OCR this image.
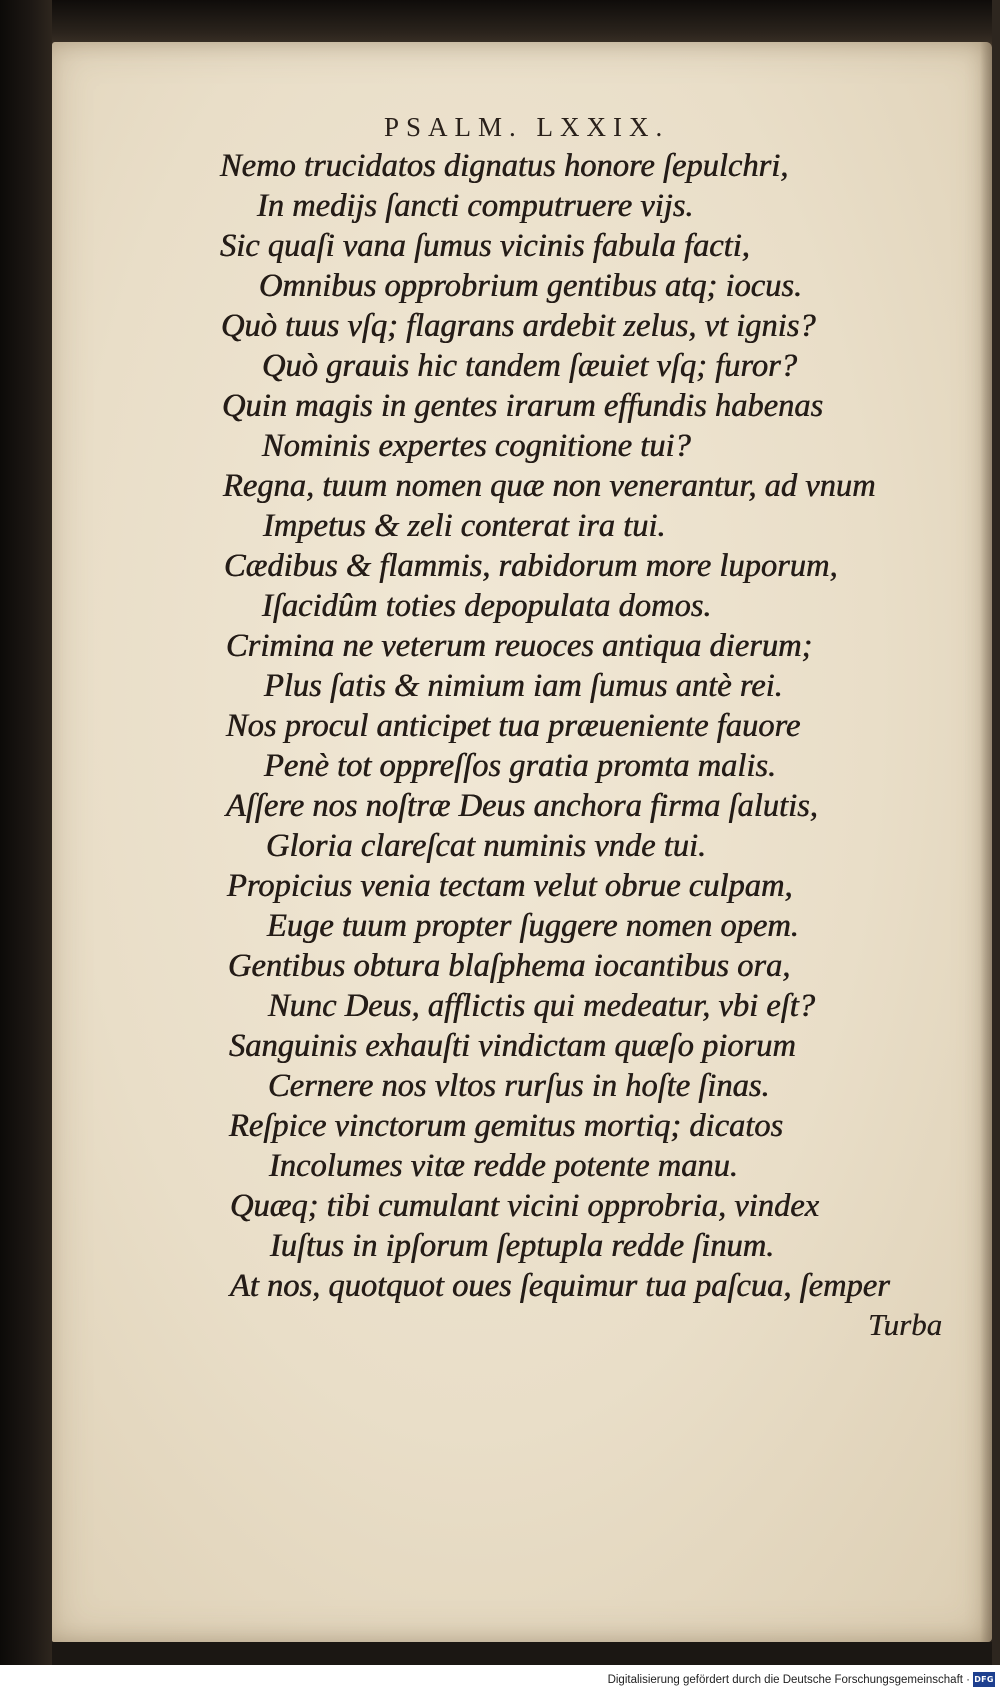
PSALM. LXXIX.
Nemo trucidatos dignatus honore ſepulchri,
In medijs ſancti computruere vijs.
Sic quaſi vana ſumus vicinis fabula facti,
Omnibus opprobrium gentibus atq; iocus.
Quò tuus vſq; flagrans ardebit zelus, vt ignis?
Quò grauis hic tandem ſæuiet vſq; furor?
Quin magis in gentes irarum effundis habenas
Nominis expertes cognitione tui?
Regna, tuum nomen quæ non venerantur, ad vnum
Impetus & zeli conterat ira tui.
Cædibus & flammis, rabidorum more luporum,
Iſacidûm toties depopulata domos.
Crimina ne veterum reuoces antiqua dierum;
Plus ſatis & nimium iam ſumus antè rei.
Nos procul anticipet tua præueniente fauore
Penè tot oppreſſos gratia promta malis.
Aſſere nos noſtræ Deus anchora firma ſalutis,
Gloria clareſcat numinis vnde tui.
Propicius venia tectam velut obrue culpam,
Euge tuum propter ſuggere nomen opem.
Gentibus obtura blaſphema iocantibus ora,
Nunc Deus, afflictis qui medeatur, vbi eſt?
Sanguinis exhauſti vindictam quæſo piorum
Cernere nos vltos rurſus in hoſte ſinas.
Reſpice vinctorum gemitus mortiq; dicatos
Incolumes vitæ redde potente manu.
Quæq; tibi cumulant vicini opprobria, vindex
Iuſtus in ipſorum ſeptupla redde ſinum.
At nos, quotquot oues ſequimur tua paſcua, ſemper
Turba
Digitalisierung gefördert durch die Deutsche Forschungsgemeinschaft · DFG
